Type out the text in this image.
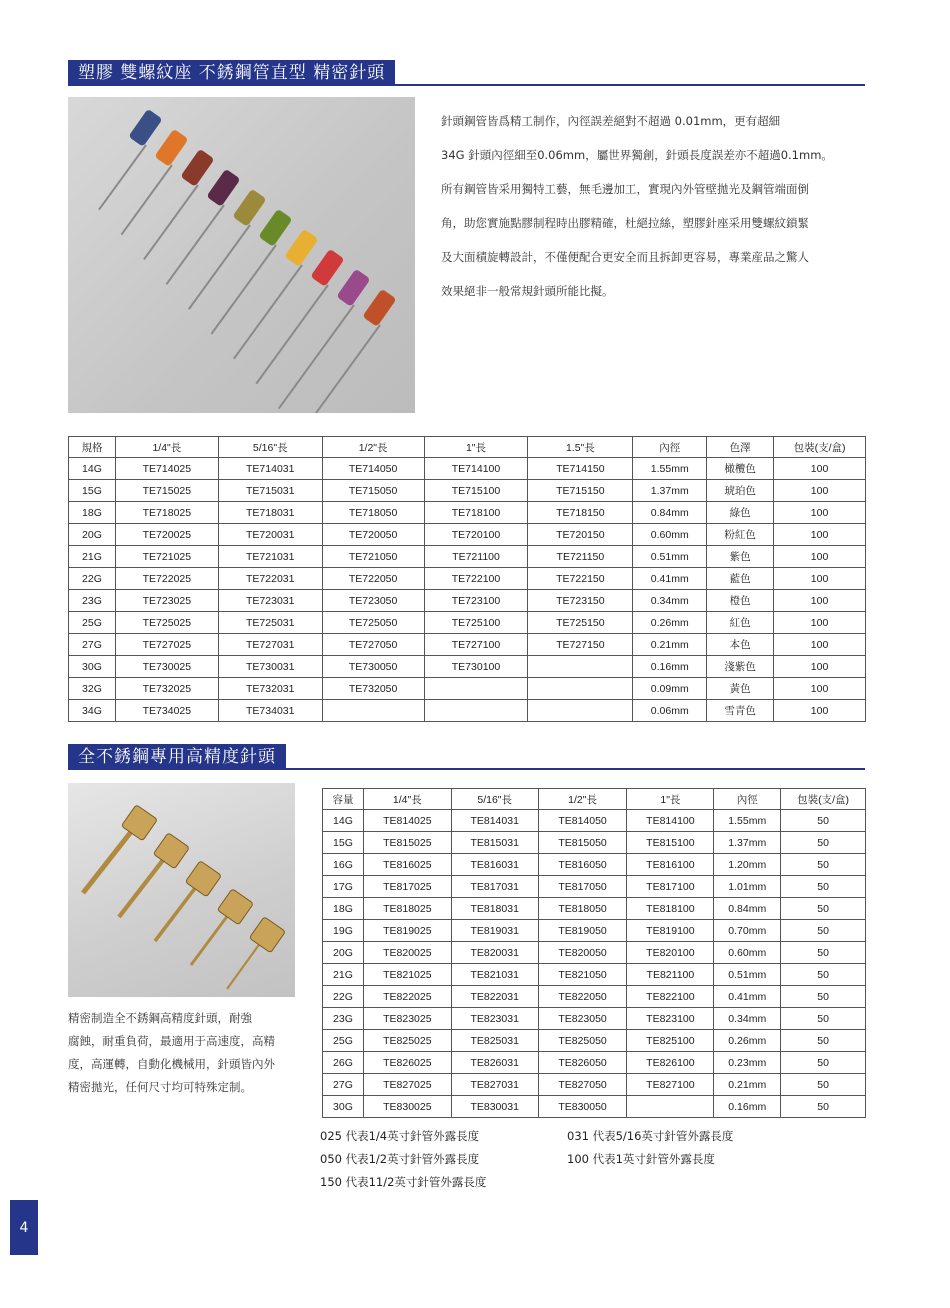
塑膠 雙螺紋座 不銹鋼管直型 精密針頭

針頭鋼管皆爲精工制作，內徑誤差絕對不超過 0.01mm，更有超細

34G 針頭內徑細至0.06mm，屬世界獨創，針頭長度誤差亦不超過0.1mm。

所有鋼管皆采用獨特工藝，無毛邊加工，實現內外管壁拋光及鋼管端面倒

角，助您實施點膠制程時出膠精確，杜絕拉絲，塑膠針座采用雙螺紋鎖緊

及大面積旋轉設計，不僅便配合更安全而且拆卸更容易，專業産品之驚人

效果絕非一般常規針頭所能比擬。

規格	1/4"長	5/16"長	1/2"長	1"長	1.5"長	內徑	色澤	包裝(支/盒)
14G	TE714025	TE714031	TE714050	TE714100	TE714150	1.55mm	橄欖色	100
15G	TE715025	TE715031	TE715050	TE715100	TE715150	1.37mm	琥珀色	100
18G	TE718025	TE718031	TE718050	TE718100	TE718150	0.84mm	綠色	100
20G	TE720025	TE720031	TE720050	TE720100	TE720150	0.60mm	粉紅色	100
21G	TE721025	TE721031	TE721050	TE721100	TE721150	0.51mm	紫色	100
22G	TE722025	TE722031	TE722050	TE722100	TE722150	0.41mm	藍色	100
23G	TE723025	TE723031	TE723050	TE723100	TE723150	0.34mm	橙色	100
25G	TE725025	TE725031	TE725050	TE725100	TE725150	0.26mm	紅色	100
27G	TE727025	TE727031	TE727050	TE727100	TE727150	0.21mm	本色	100
30G	TE730025	TE730031	TE730050	TE730100		0.16mm	淺紫色	100
32G	TE732025	TE732031	TE732050			0.09mm	黃色	100
34G	TE734025	TE734031				0.06mm	雪青色	100
全不銹鋼專用高精度針頭

精密制造全不銹鋼高精度針頭，耐強

腐蝕，耐重負荷，最適用于高速度，高精

度，高運轉，自動化機械用，針頭皆內外

精密拋光，任何尺寸均可特殊定制。

容量	1/4"長	5/16"長	1/2"長	1"長	內徑	包裝(支/盒)
14G	TE814025	TE814031	TE814050	TE814100	1.55mm	50
15G	TE815025	TE815031	TE815050	TE815100	1.37mm	50
16G	TE816025	TE816031	TE816050	TE816100	1.20mm	50
17G	TE817025	TE817031	TE817050	TE817100	1.01mm	50
18G	TE818025	TE818031	TE818050	TE818100	0.84mm	50
19G	TE819025	TE819031	TE819050	TE819100	0.70mm	50
20G	TE820025	TE820031	TE820050	TE820100	0.60mm	50
21G	TE821025	TE821031	TE821050	TE821100	0.51mm	50
22G	TE822025	TE822031	TE822050	TE822100	0.41mm	50
23G	TE823025	TE823031	TE823050	TE823100	0.34mm	50
25G	TE825025	TE825031	TE825050	TE825100	0.26mm	50
26G	TE826025	TE826031	TE826050	TE826100	0.23mm	50
27G	TE827025	TE827031	TE827050	TE827100	0.21mm	50
30G	TE830025	TE830031	TE830050		0.16mm	50
025 代表1/4英寸針管外露長度	031 代表5/16英寸針管外露長度
050 代表1/2英寸針管外露長度	100 代表1英寸針管外露長度
150 代表11/2英寸針管外露長度
4
